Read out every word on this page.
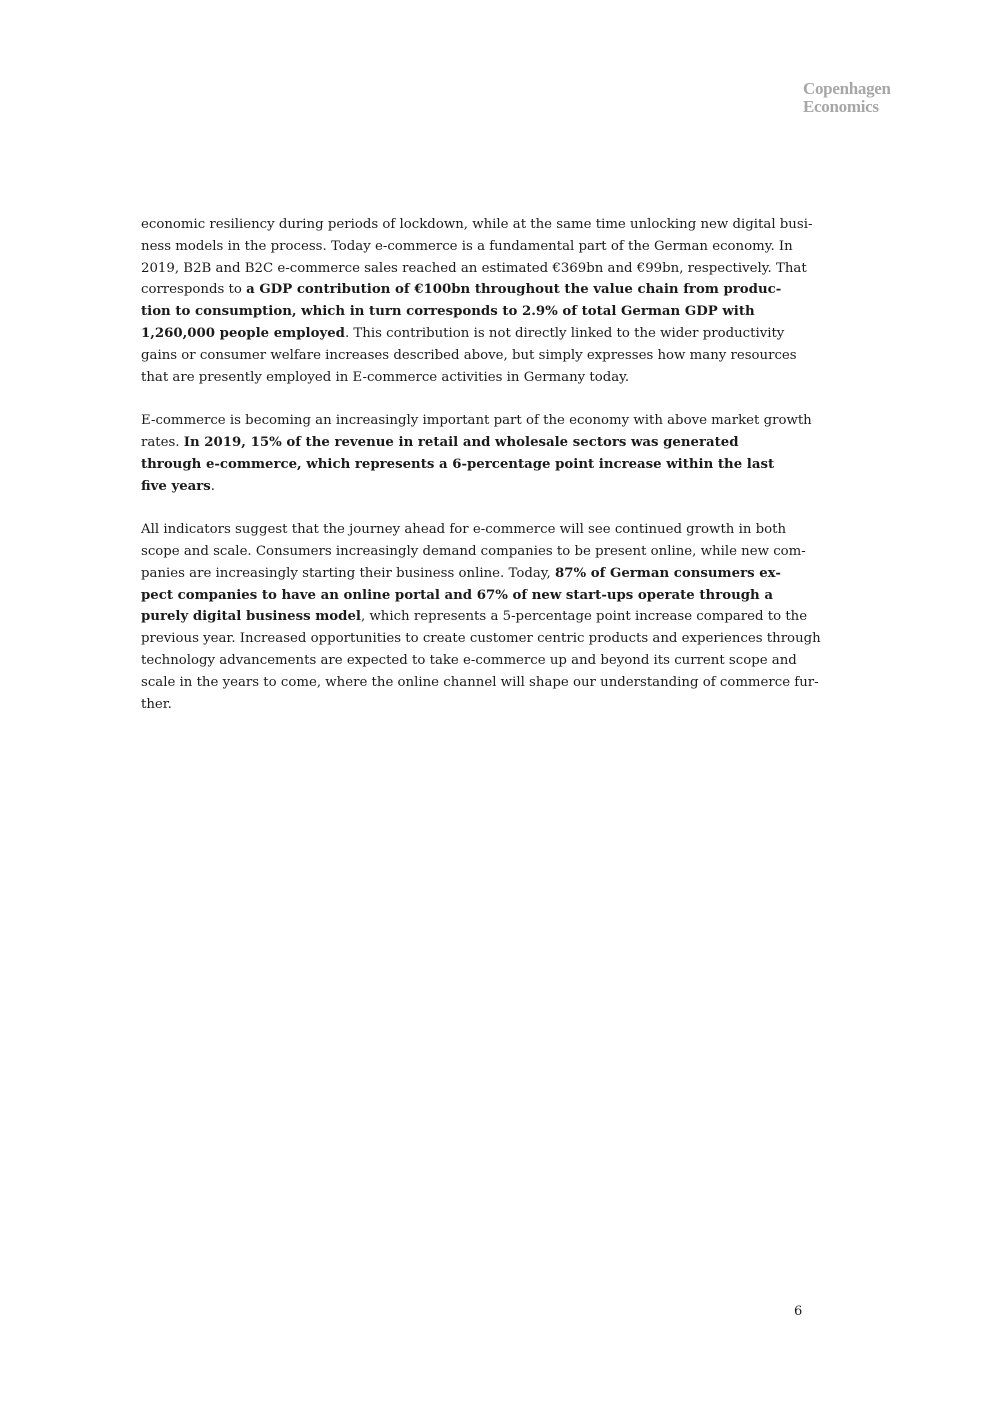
Copenhagen
Economics

economic resiliency during periods of lockdown, while at the same time unlocking new digital busi-
ness models in the process. Today e-commerce is a fundamental part of the German economy. In
2019, B2B and B2C e-commerce sales reached an estimated €369bn and €99bn, respectively. That
corresponds to a GDP contribution of €100bn throughout the value chain from produc-
tion to consumption, which in turn corresponds to 2.9% of total German GDP with
1,260,000 people employed. This contribution is not directly linked to the wider productivity
gains or consumer welfare increases described above, but simply expresses how many resources
that are presently employed in E-commerce activities in Germany today.

E-commerce is becoming an increasingly important part of the economy with above market growth
rates. In 2019, 15% of the revenue in retail and wholesale sectors was generated
through e-commerce, which represents a 6-percentage point increase within the last
five years.

All indicators suggest that the journey ahead for e-commerce will see continued growth in both
scope and scale. Consumers increasingly demand companies to be present online, while new com-
panies are increasingly starting their business online. Today, 87% of German consumers ex-
pect companies to have an online portal and 67% of new start-ups operate through a
purely digital business model, which represents a 5-percentage point increase compared to the
previous year. Increased opportunities to create customer centric products and experiences through
technology advancements are expected to take e-commerce up and beyond its current scope and
scale in the years to come, where the online channel will shape our understanding of commerce fur-
ther.

6
